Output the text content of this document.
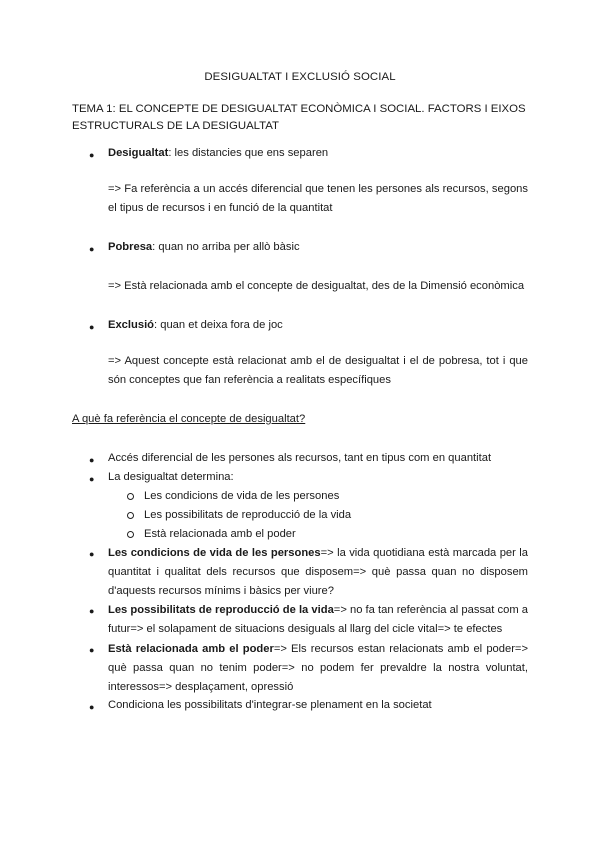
DESIGUALTAT I EXCLUSIÓ SOCIAL
TEMA 1: EL CONCEPTE DE DESIGUALTAT ECONÒMICA I SOCIAL. FACTORS I EIXOS ESTRUCTURALS DE LA DESIGUALTAT
● Desigualtat: les distancies que ens separen
=> Fa referència a un accés diferencial que tenen les persones als recursos, segons el tipus de recursos i en funció de la quantitat
● Pobresa: quan no arriba per allò bàsic
=> Està relacionada amb el concepte de desigualtat, des de la Dimensió econòmica
● Exclusió: quan et deixa fora de joc
=> Aquest concepte està relacionat amb el de desigualtat i el de pobresa, tot i que són conceptes que fan referència a realitats específiques
A què fa referència el concepte de desigualtat?
● Accés diferencial de les persones als recursos, tant en tipus com en quantitat
● La desigualtat determina:
Les condicions de vida de les persones
Les possibilitats de reproducció de la vida
Està relacionada amb el poder
● Les condicions de vida de les persones=> la vida quotidiana està marcada per la quantitat i qualitat dels recursos que disposem=> què passa quan no disposem d'aquests recursos mínims i bàsics per viure?
● Les possibilitats de reproducció de la vida=> no fa tan referència al passat com a futur=> el solapament de situacions desiguals al llarg del cicle vital=> te efectes
● Està relacionada amb el poder=> Els recursos estan relacionats amb el poder=> què passa quan no tenim poder=> no podem fer prevaldre la nostra voluntat, interessos=> desplaçament, opressió
● Condiciona les possibilitats d'integrar-se plenament en la societat
